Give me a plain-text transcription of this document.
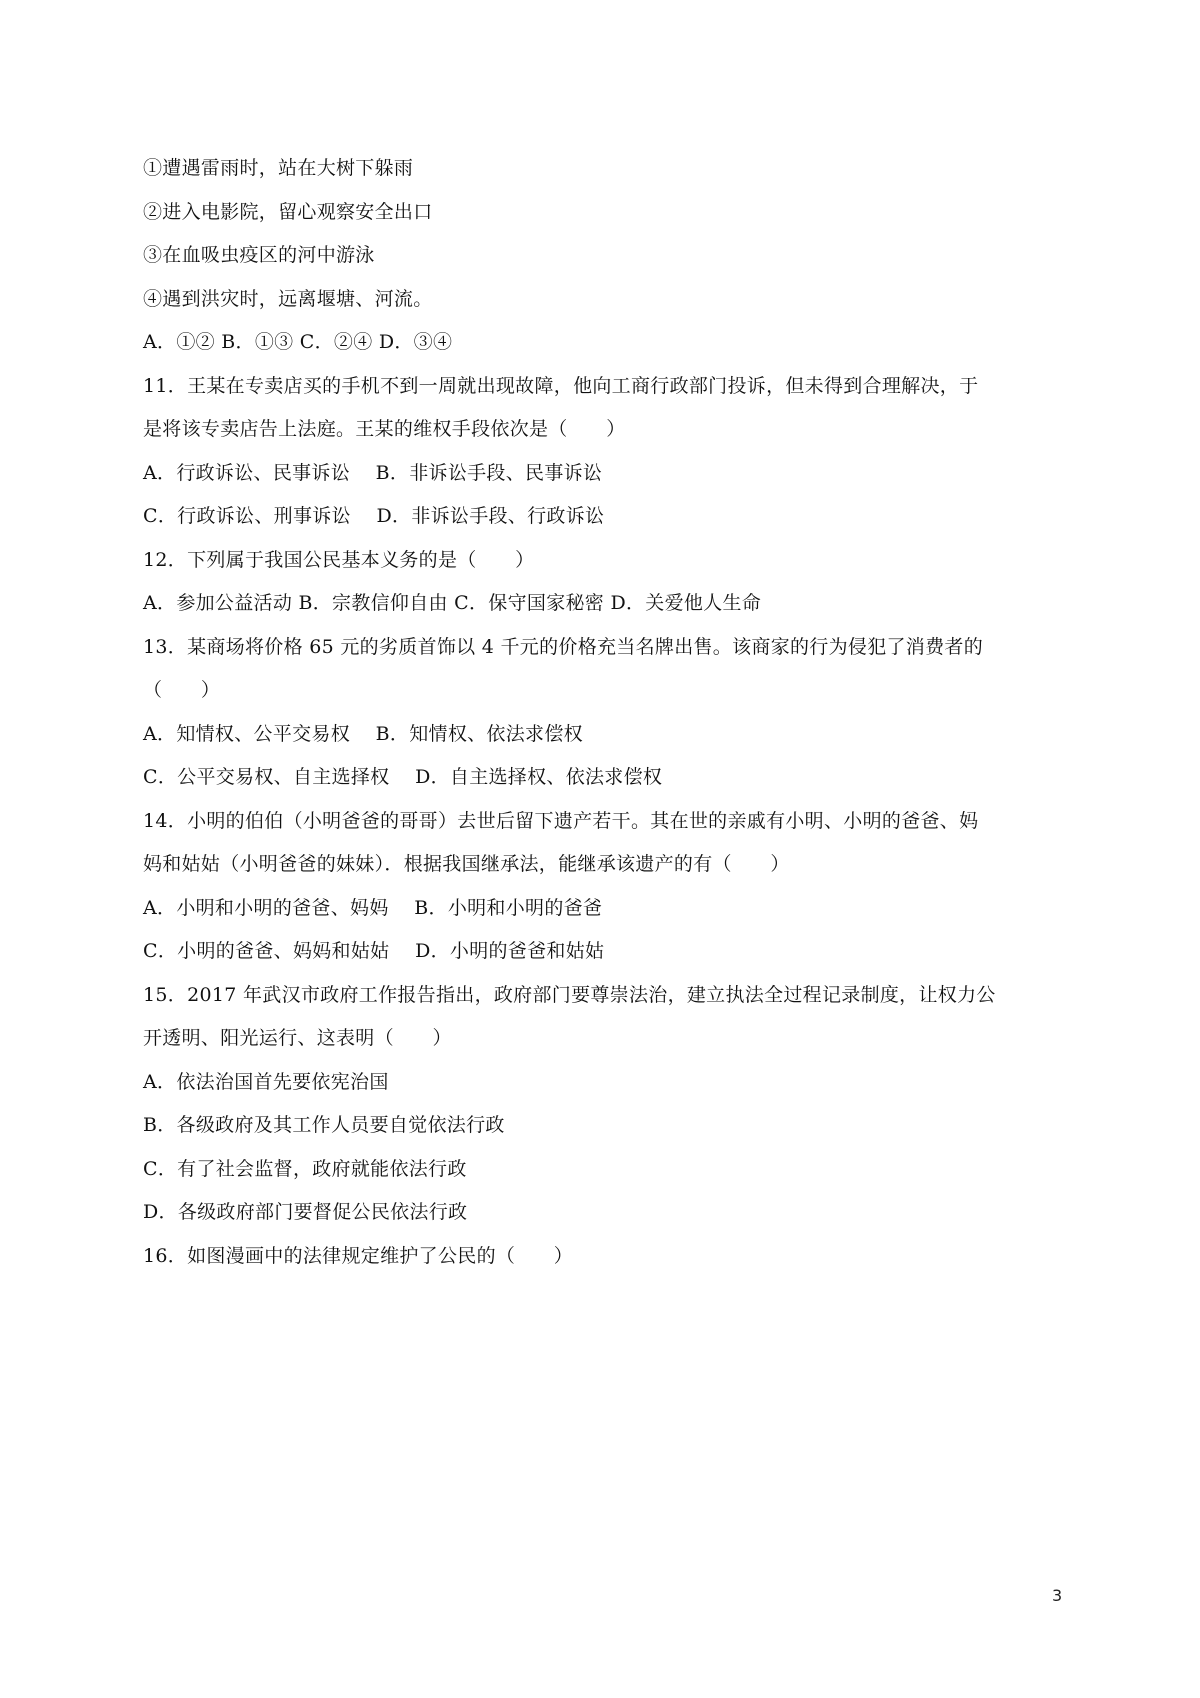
①遭遇雷雨时，站在大树下躲雨
②进入电影院，留心观察安全出口
③在血吸虫疫区的河中游泳
④遇到洪灾时，远离堰塘、河流。
A．①② B．①③ C．②④ D．③④
11．王某在专卖店买的手机不到一周就出现故障，他向工商行政部门投诉，但未得到合理解决，于
是将该专卖店告上法庭。王某的维权手段依次是（　　）
A．行政诉讼、民事诉讼　 B．非诉讼手段、民事诉讼
C．行政诉讼、刑事诉讼　 D．非诉讼手段、行政诉讼
12．下列属于我国公民基本义务的是（　　）
A．参加公益活动 B．宗教信仰自由 C．保守国家秘密 D．关爱他人生命
13．某商场将价格 65 元的劣质首饰以 4 千元的价格充当名牌出售。该商家的行为侵犯了消费者的
（　　）
A．知情权、公平交易权　 B．知情权、依法求偿权
C．公平交易权、自主选择权　 D．自主选择权、依法求偿权
14．小明的伯伯（小明爸爸的哥哥）去世后留下遗产若干。其在世的亲戚有小明、小明的爸爸、妈
妈和姑姑（小明爸爸的妹妹）．根据我国继承法，能继承该遗产的有（　　）
A．小明和小明的爸爸、妈妈　 B．小明和小明的爸爸
C．小明的爸爸、妈妈和姑姑　 D．小明的爸爸和姑姑
15．2017 年武汉市政府工作报告指出，政府部门要尊崇法治，建立执法全过程记录制度，让权力公
开透明、阳光运行、这表明（　　）
A．依法治国首先要依宪治国
B．各级政府及其工作人员要自觉依法行政
C．有了社会监督，政府就能依法行政
D．各级政府部门要督促公民依法行政
16．如图漫画中的法律规定维护了公民的（　　）
3
